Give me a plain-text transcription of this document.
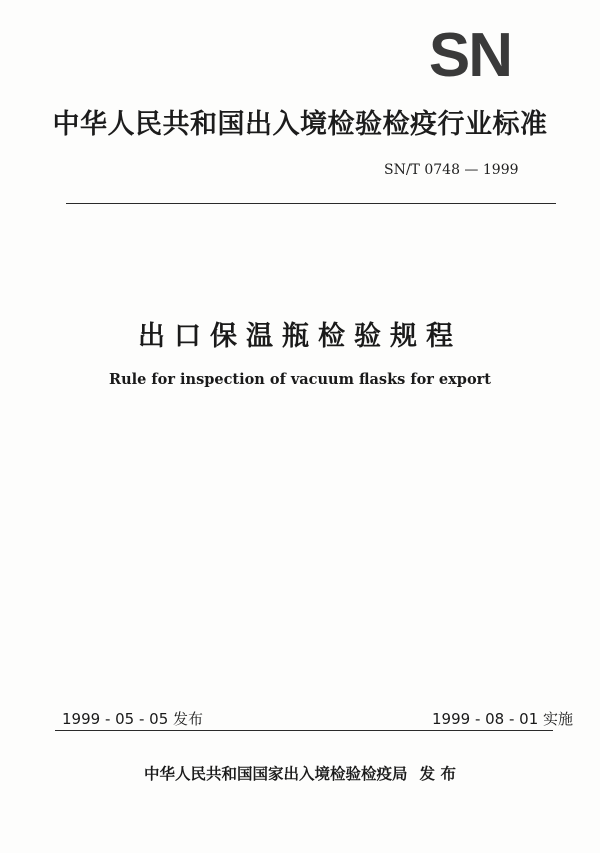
SN
中华人民共和国出入境检验检疫行业标准
SN/T 0748 — 1999
出口保温瓶检验规程
Rule for inspection of vacuum flasks for export
1999 - 05 - 05 发布	1999 - 08 - 01 实施
中华人民共和国国家出入境检验检疫局 发 布
